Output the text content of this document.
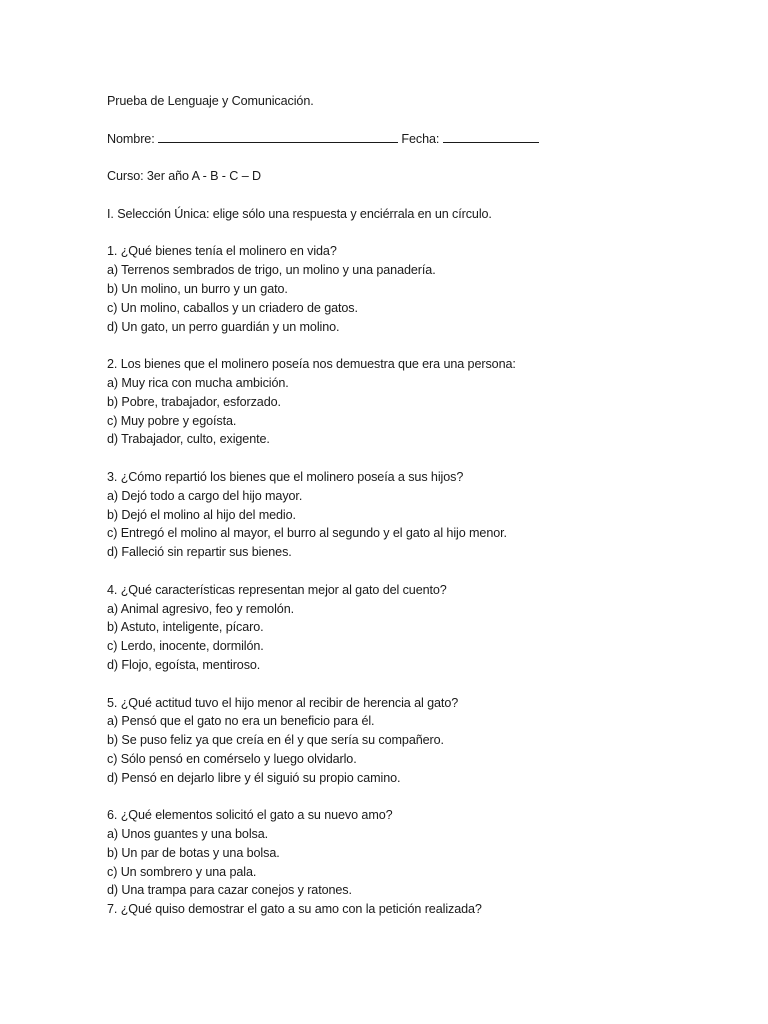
Prueba de Lenguaje y Comunicación.
Nombre:	Fecha:
Curso: 3er año A - B - C – D
I. Selección Única: elige sólo una respuesta y enciérrala en un círculo.
1. ¿Qué bienes tenía el molinero en vida?
a) Terrenos sembrados de trigo, un molino y una panadería.
b) Un molino, un burro y un gato.
c) Un molino, caballos y un criadero de gatos.
d) Un gato, un perro guardián y un molino.
2. Los bienes que el molinero poseía nos demuestra que era una persona:
a) Muy rica con mucha ambición.
b) Pobre, trabajador, esforzado.
c) Muy pobre y egoísta.
d) Trabajador, culto, exigente.
3. ¿Cómo repartió los bienes que el molinero poseía a sus hijos?
a) Dejó todo a cargo del hijo mayor.
b) Dejó el molino al hijo del medio.
c) Entregó el molino al mayor, el burro al segundo y el gato al hijo menor.
d) Falleció sin repartir sus bienes.
4. ¿Qué características representan mejor al gato del cuento?
a) Animal agresivo, feo y remolón.
b) Astuto, inteligente, pícaro.
c) Lerdo, inocente, dormilón.
d) Flojo, egoísta, mentiroso.
5. ¿Qué actitud tuvo el hijo menor al recibir de herencia al gato?
a) Pensó que el gato no era un beneficio para él.
b) Se puso feliz ya que creía en él y que sería su compañero.
c) Sólo pensó en comérselo y luego olvidarlo.
d) Pensó en dejarlo libre y él siguió su propio camino.
6. ¿Qué elementos solicitó el gato a su nuevo amo?
a) Unos guantes y una bolsa.
b) Un par de botas y una bolsa.
c) Un sombrero y una pala.
d) Una trampa para cazar conejos y ratones.
7. ¿Qué quiso demostrar el gato a su amo con la petición realizada?
